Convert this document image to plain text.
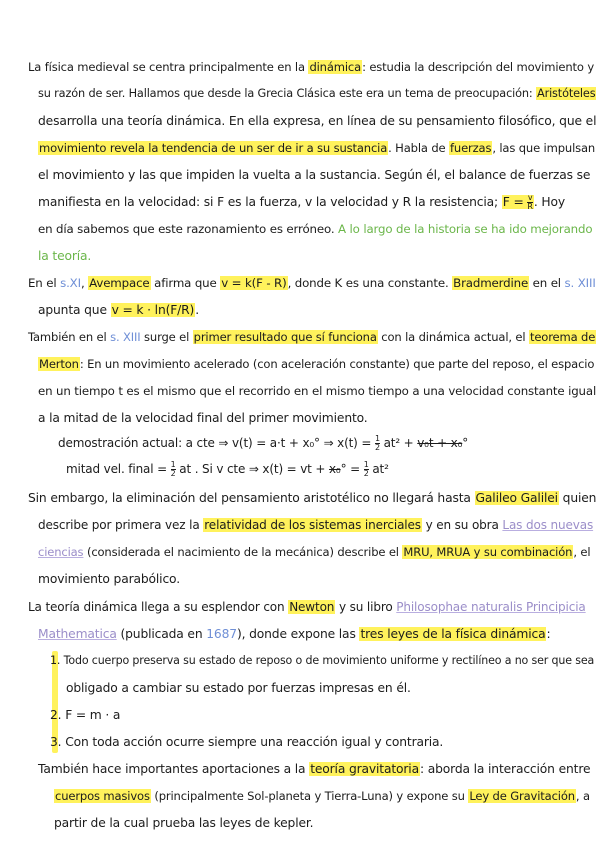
La física medieval se centra principalmente en la dinámica: estudia la descripción del movimiento y
su razón de ser. Hallamos que desde la Grecia Clásica este era un tema de preocupación: Aristóteles
desarrolla una teoría dinámica. En ella expresa, en línea de su pensamiento filosófico, que el
movimiento revela la tendencia de un ser de ir a su sustancia. Habla de fuerzas, las que impulsan
el movimiento y las que impiden la vuelta a la sustancia. Según él, el balance de fuerzas se
manifiesta en la velocidad: si F es la fuerza, v la velocidad y R la resistencia; $F = \frac{v}{R}$ . Hoy
en día sabemos que este razonamiento es erróneo. A lo largo de la historia se ha ido mejorando
la teoría.
En el s.XI, Avempace afirma que v = k(F - R), donde K es una constante. Bradmerdine en el s. XIII
apunta que v = k · ln(F/R).
También en el s. XIII surge el primer resultado que sí funciona con la dinámica actual, el teorema de
Merton: En un movimiento acelerado (con aceleración constante) que parte del reposo, el espacio
en un tiempo t es el mismo que el recorrido en el mismo tiempo a una velocidad constante igual
a la mitad de la velocidad final del primer movimiento.
demostración actual: a cte ⇒ v(t) = a·t + x₀° ⇒ $x(t) = \frac{1}{2} at^2 + v_0t + x_0^\circ$
mitad vel. final = $\frac{1}{2}$ at . Si v cte ⇒ x(t) = vt + $x_0^\circ = \frac{1}{2} at^2$
Sin embargo, la eliminación del pensamiento aristotélico no llegará hasta Galileo Galilei quien
describe por primera vez la relatividad de los sistemas inerciales y en su obra Las dos nuevas
ciencias (considerada el nacimiento de la mecánica) describe el MRU, MRUA y su combinación, el
movimiento parabólico.
La teoría dinámica llega a su esplendor con Newton y su libro Philosophae naturalis Principicia
Mathematica (publicada en 1687), donde expone las tres leyes de la física dinámica:
1. Todo cuerpo preserva su estado de reposo o de movimiento uniforme y rectilíneo a no ser que sea
obligado a cambiar su estado por fuerzas impresas en él.
2. F = m · a
3. Con toda acción ocurre siempre una reacción igual y contraria.
También hace importantes aportaciones a la teoría gravitatoria: aborda la interacción entre
cuerpos masivos (principalmente Sol-planeta y Tierra-Luna) y expone su Ley de Gravitación, a
partir de la cual prueba las leyes de kepler.
